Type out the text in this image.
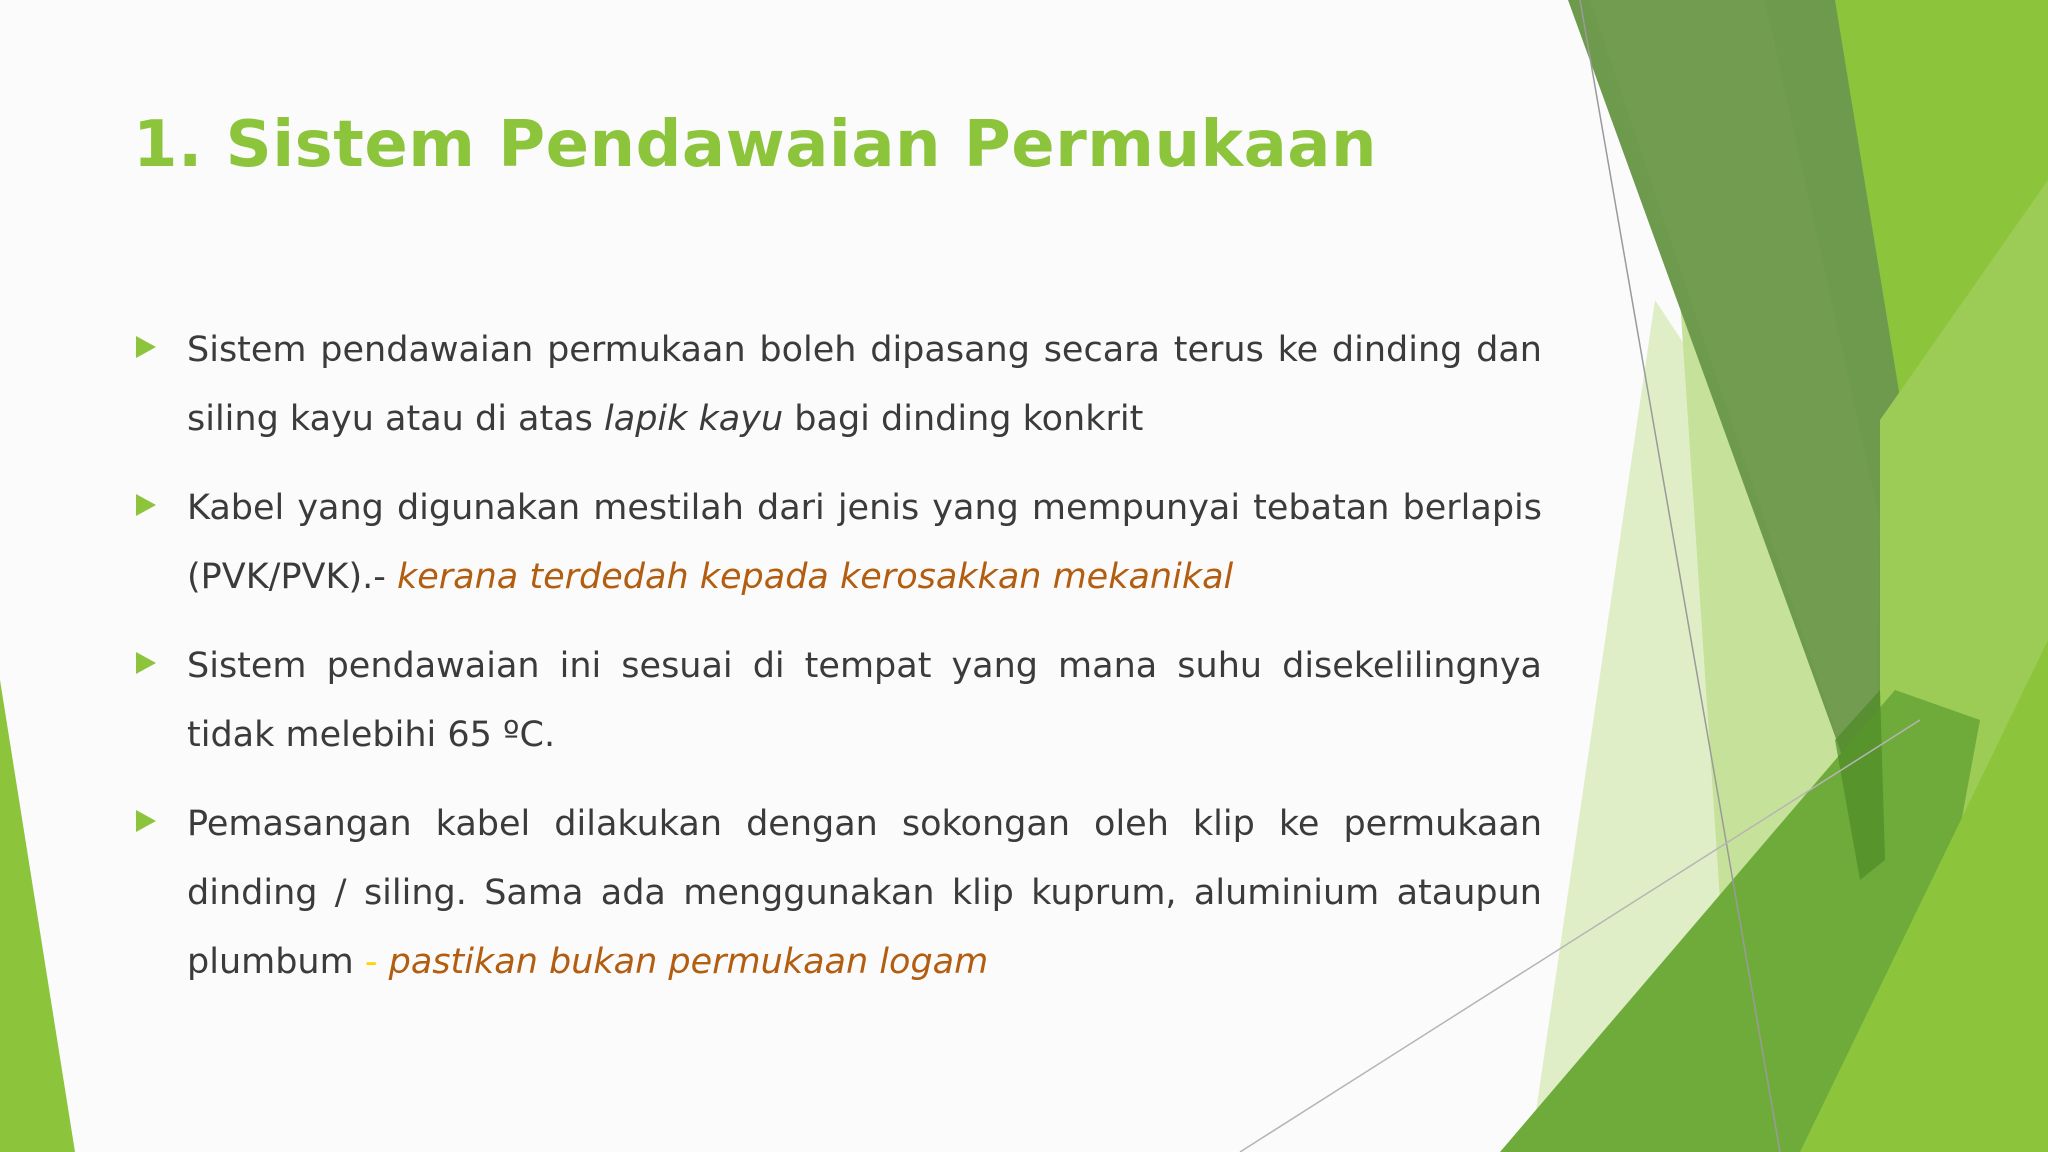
1. Sistem Pendawaian Permukaan

Sistem pendawaian permukaan boleh dipasang secara terus ke dinding dan siling kayu atau di atas lapik kayu bagi dinding konkrit

Kabel yang digunakan mestilah dari jenis yang mempunyai tebatan berlapis (PVK/PVK).- kerana terdedah kepada kerosakkan mekanikal

Sistem pendawaian ini sesuai di tempat yang mana suhu disekelilingnya tidak melebihi 65 ºC.

Pemasangan kabel dilakukan dengan sokongan oleh klip ke permukaan dinding / siling. Sama ada menggunakan klip kuprum, aluminium ataupun plumbum - pastikan bukan permukaan logam
